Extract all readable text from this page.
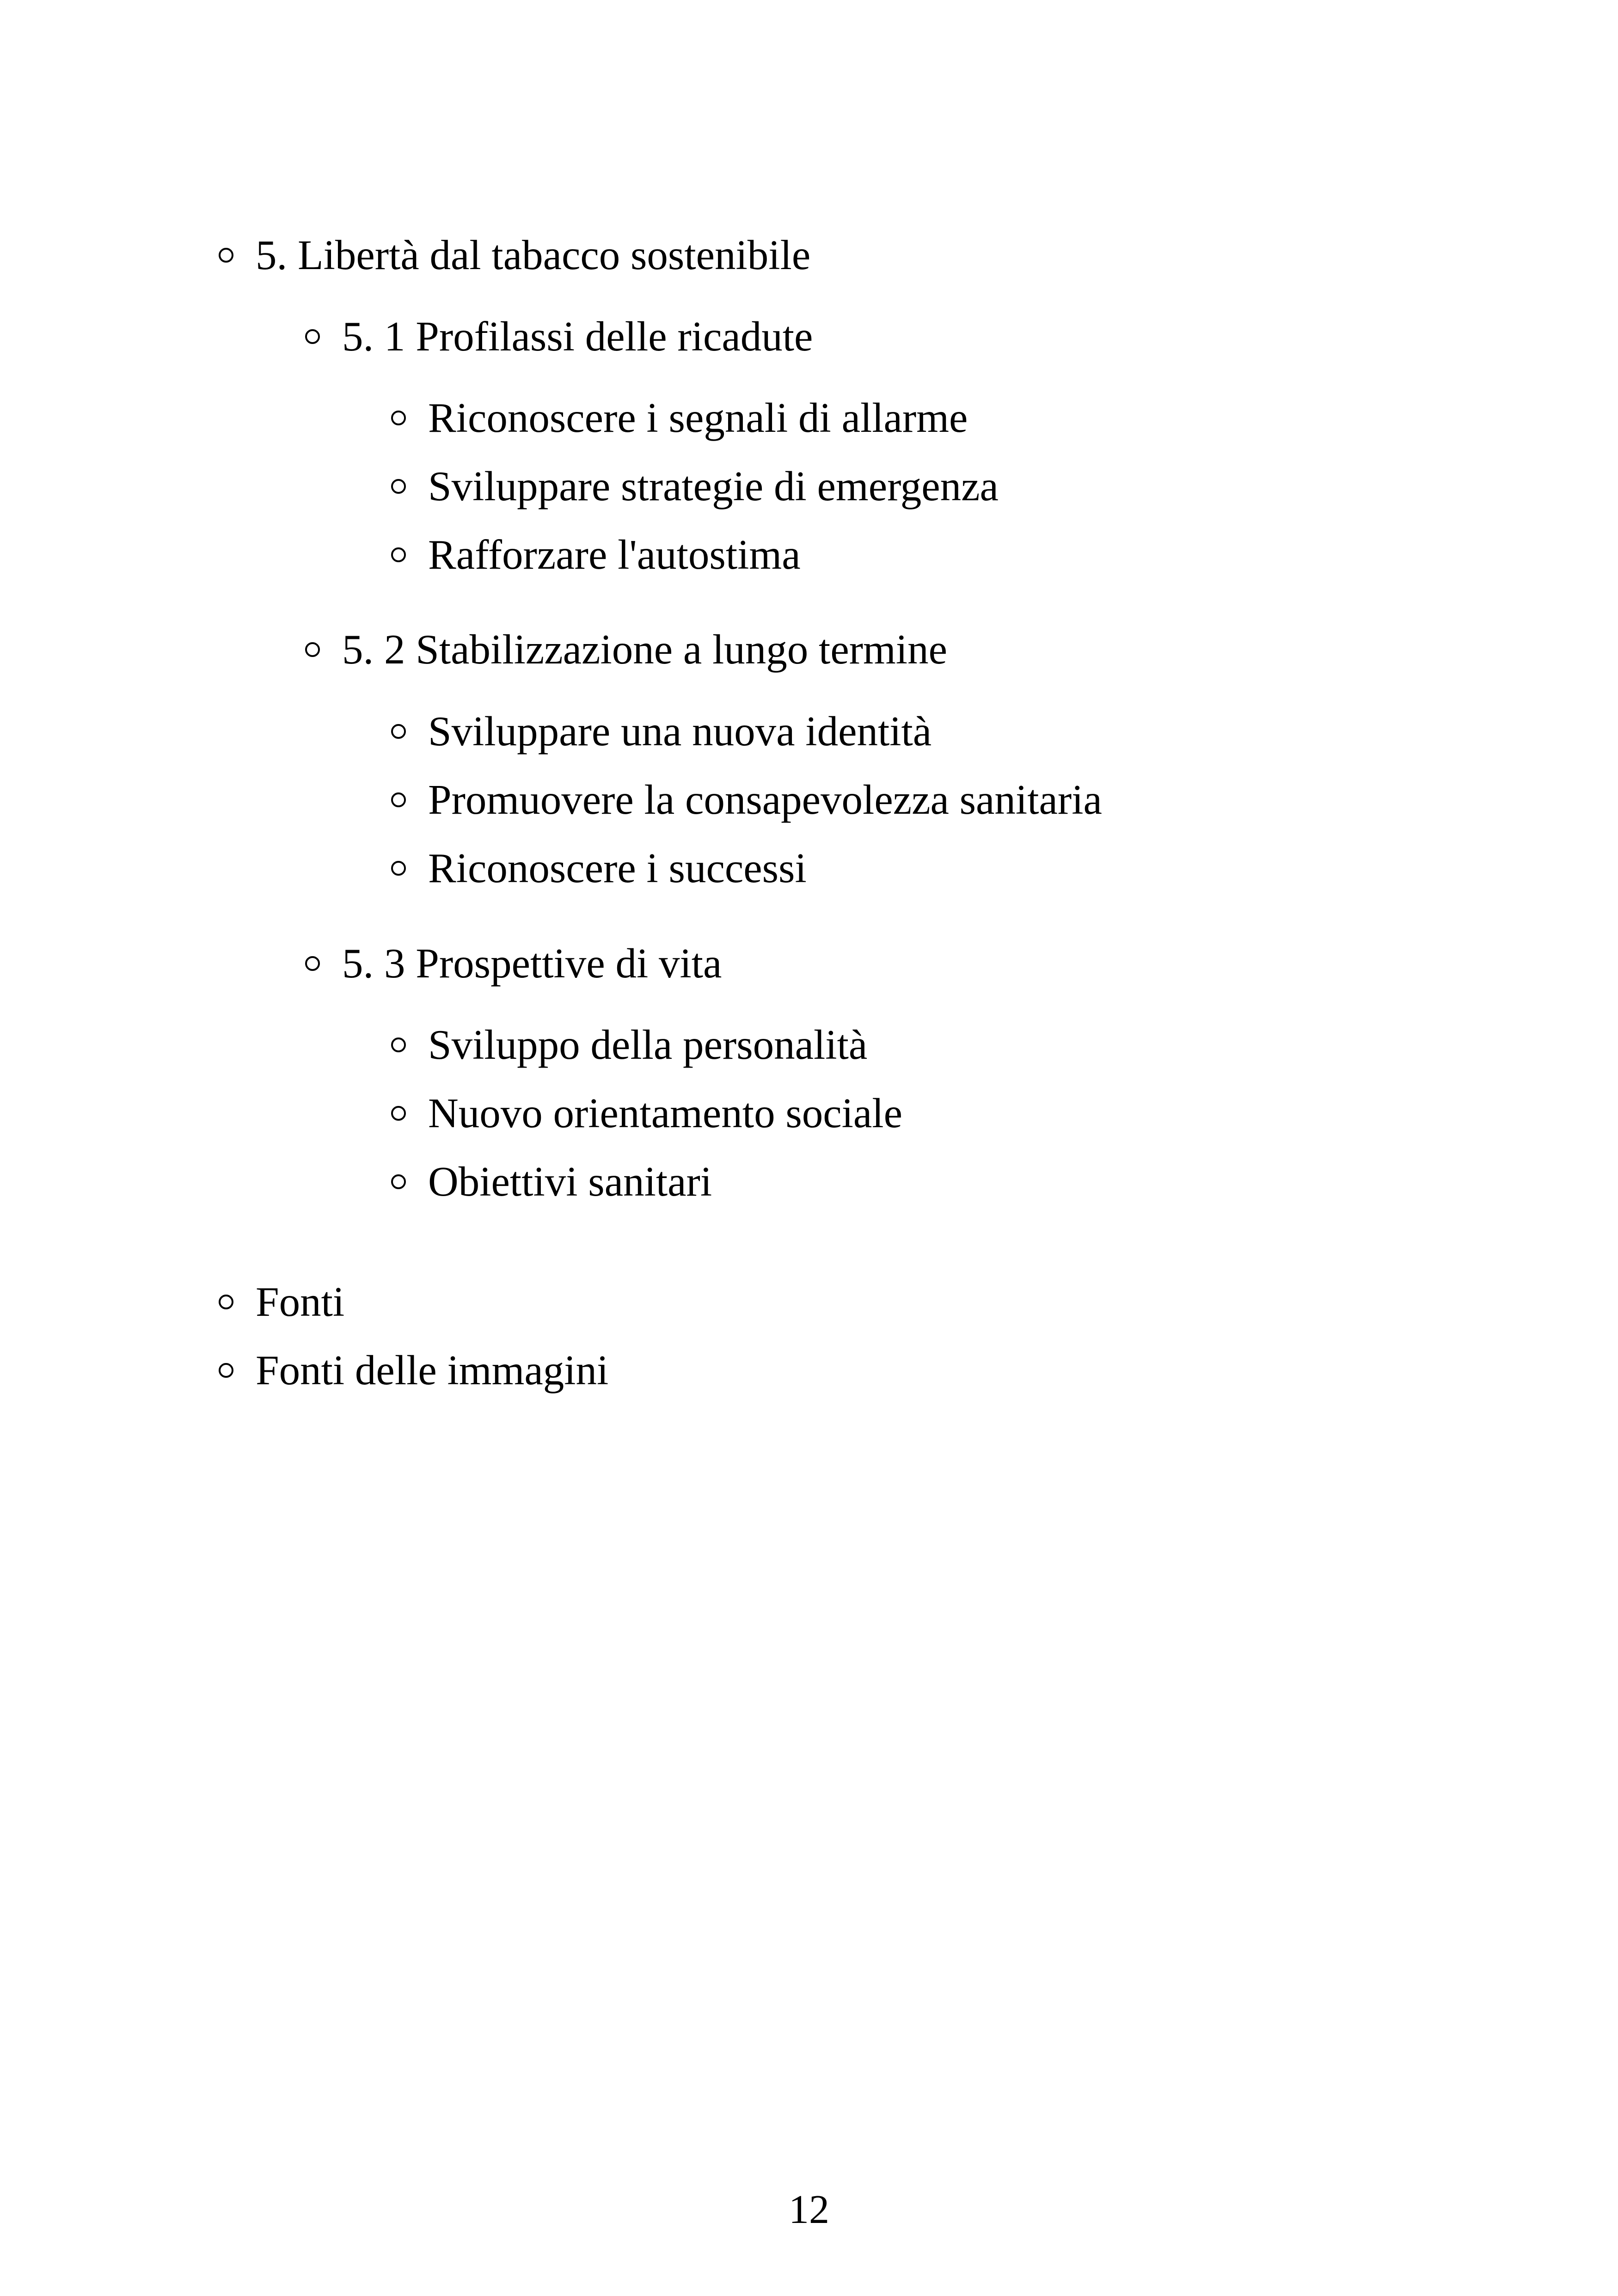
5. Libertà dal tabacco sostenibile
5. 1 Profilassi delle ricadute
Riconoscere i segnali di allarme
Sviluppare strategie di emergenza
Rafforzare l'autostima
5. 2 Stabilizzazione a lungo termine
Sviluppare una nuova identità
Promuovere la consapevolezza sanitaria
Riconoscere i successi
5. 3 Prospettive di vita
Sviluppo della personalità
Nuovo orientamento sociale
Obiettivi sanitari
Fonti
Fonti delle immagini
12
